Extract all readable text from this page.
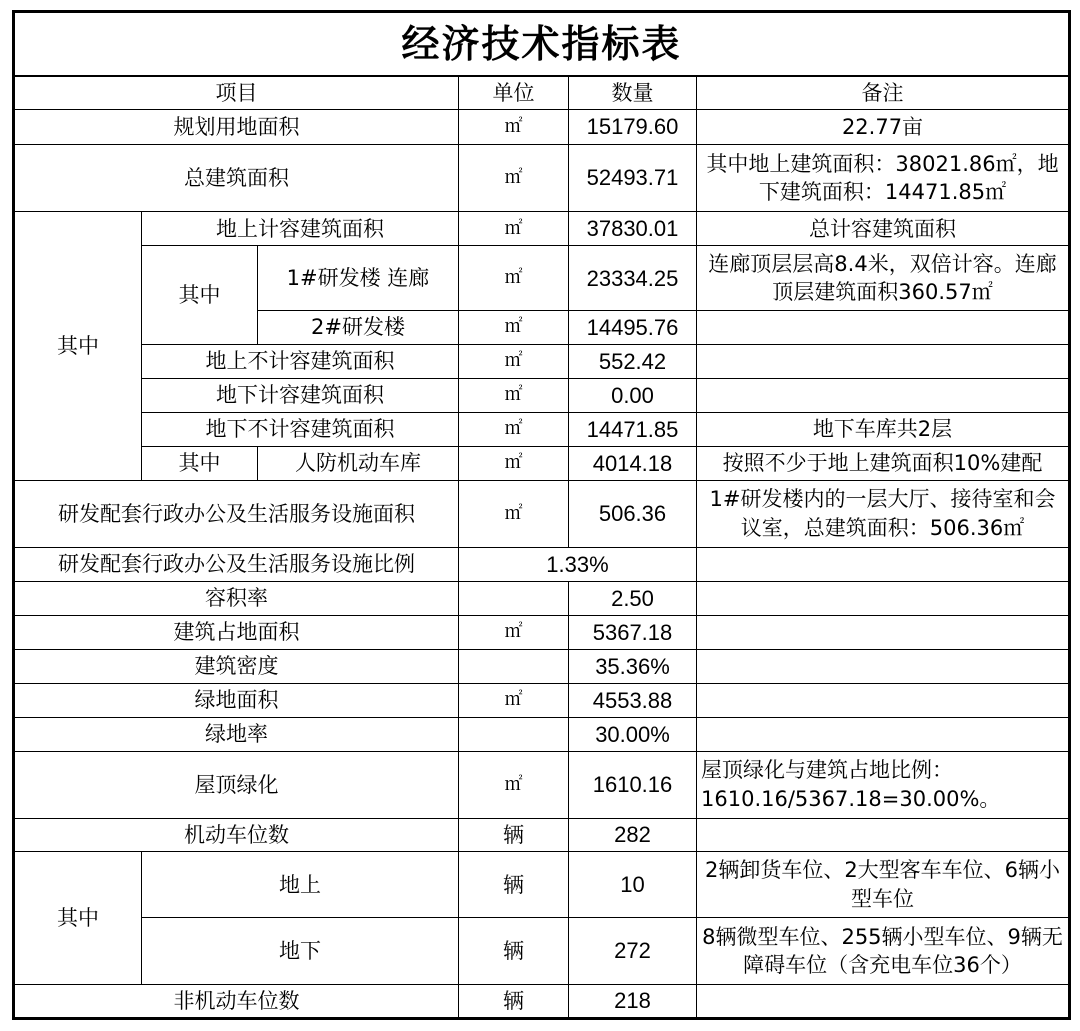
经济技术指标表					
项目			单位	数量	备注
规划用地面积			㎡	15179.60	22.77亩
总建筑面积			㎡	52493.71	其中地上建筑面积：38021.86㎡，地下建筑面积：14471.85㎡
其中	地上计容建筑面积		㎡	37830.01	总计容建筑面积
	其中	1#研发楼 连廊	㎡	23334.25	连廊顶层层高8.4米，双倍计容。连廊顶层建筑面积360.57㎡
		2#研发楼	㎡	14495.76	
	地上不计容建筑面积		㎡	552.42	
	地下计容建筑面积		㎡	0.00	
	地下不计容建筑面积		㎡	14471.85	地下车库共2层
	其中	人防机动车库	㎡	4014.18	按照不少于地上建筑面积10%建配
研发配套行政办公及生活服务设施面积			㎡	506.36	1#研发楼内的一层大厅、接待室和会议室，总建筑面积：506.36㎡
研发配套行政办公及生活服务设施比例			1.33%		
容积率				2.50	
建筑占地面积			㎡	5367.18	
建筑密度				35.36%	
绿地面积			㎡	4553.88	
绿地率				30.00%	
屋顶绿化			㎡	1610.16	屋顶绿化与建筑占地比例：1610.16/5367.18=30.00%。
机动车位数			辆	282	
其中	地上		辆	10	2辆卸货车位、2大型客车车位、6辆小型车位
	地下		辆	272	8辆微型车位、255辆小型车位、9辆无障碍车位（含充电车位36个）
非机动车位数			辆	218	
